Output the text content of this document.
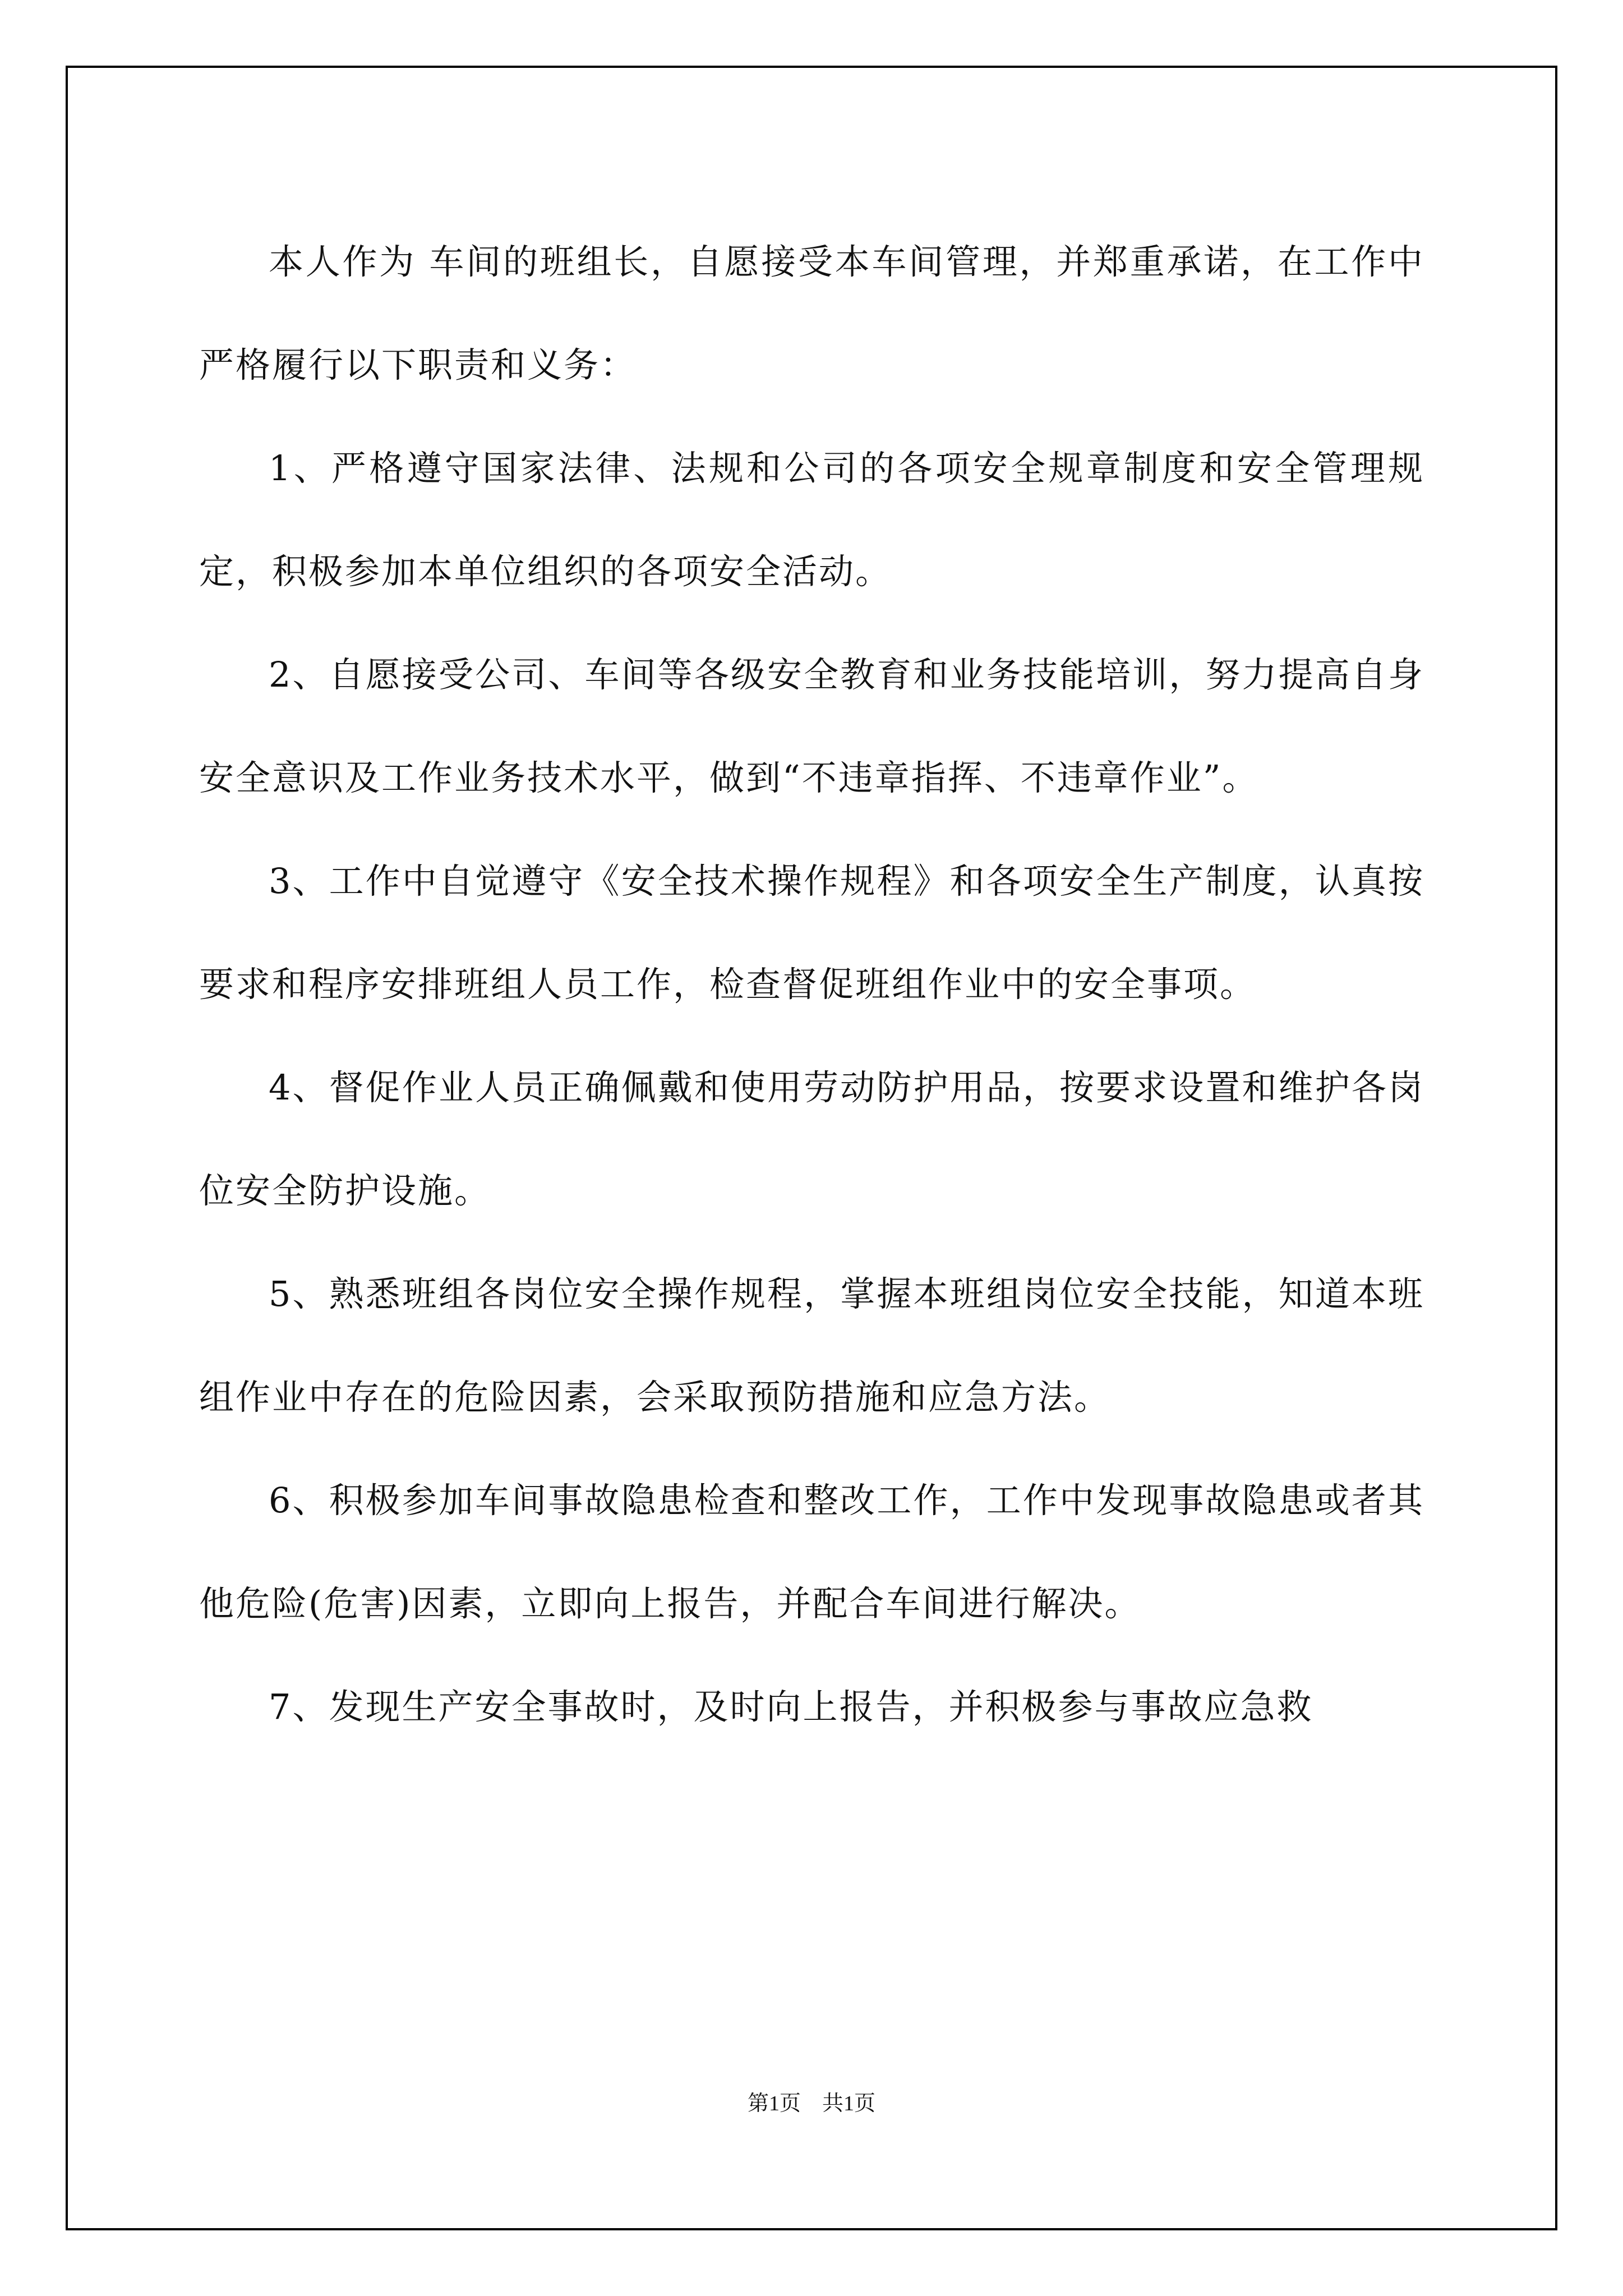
本人作为 车间的班组长，自愿接受本车间管理，并郑重承诺，在工作中严格履行以下职责和义务：

1、严格遵守国家法律、法规和公司的各项安全规章制度和安全管理规定，积极参加本单位组织的各项安全活动。

2、自愿接受公司、车间等各级安全教育和业务技能培训，努力提高自身安全意识及工作业务技术水平，做到“不违章指挥、不违章作业”。

3、工作中自觉遵守《安全技术操作规程》和各项安全生产制度，认真按要求和程序安排班组人员工作，检查督促班组作业中的安全事项。

4、督促作业人员正确佩戴和使用劳动防护用品，按要求设置和维护各岗位安全防护设施。

5、熟悉班组各岗位安全操作规程，掌握本班组岗位安全技能，知道本班组作业中存在的危险因素，会采取预防措施和应急方法。

6、积极参加车间事故隐患检查和整改工作，工作中发现事故隐患或者其他危险(危害)因素，立即向上报告，并配合车间进行解决。

7、发现生产安全事故时，及时向上报告，并积极参与事故应急救

第1页　共1页
